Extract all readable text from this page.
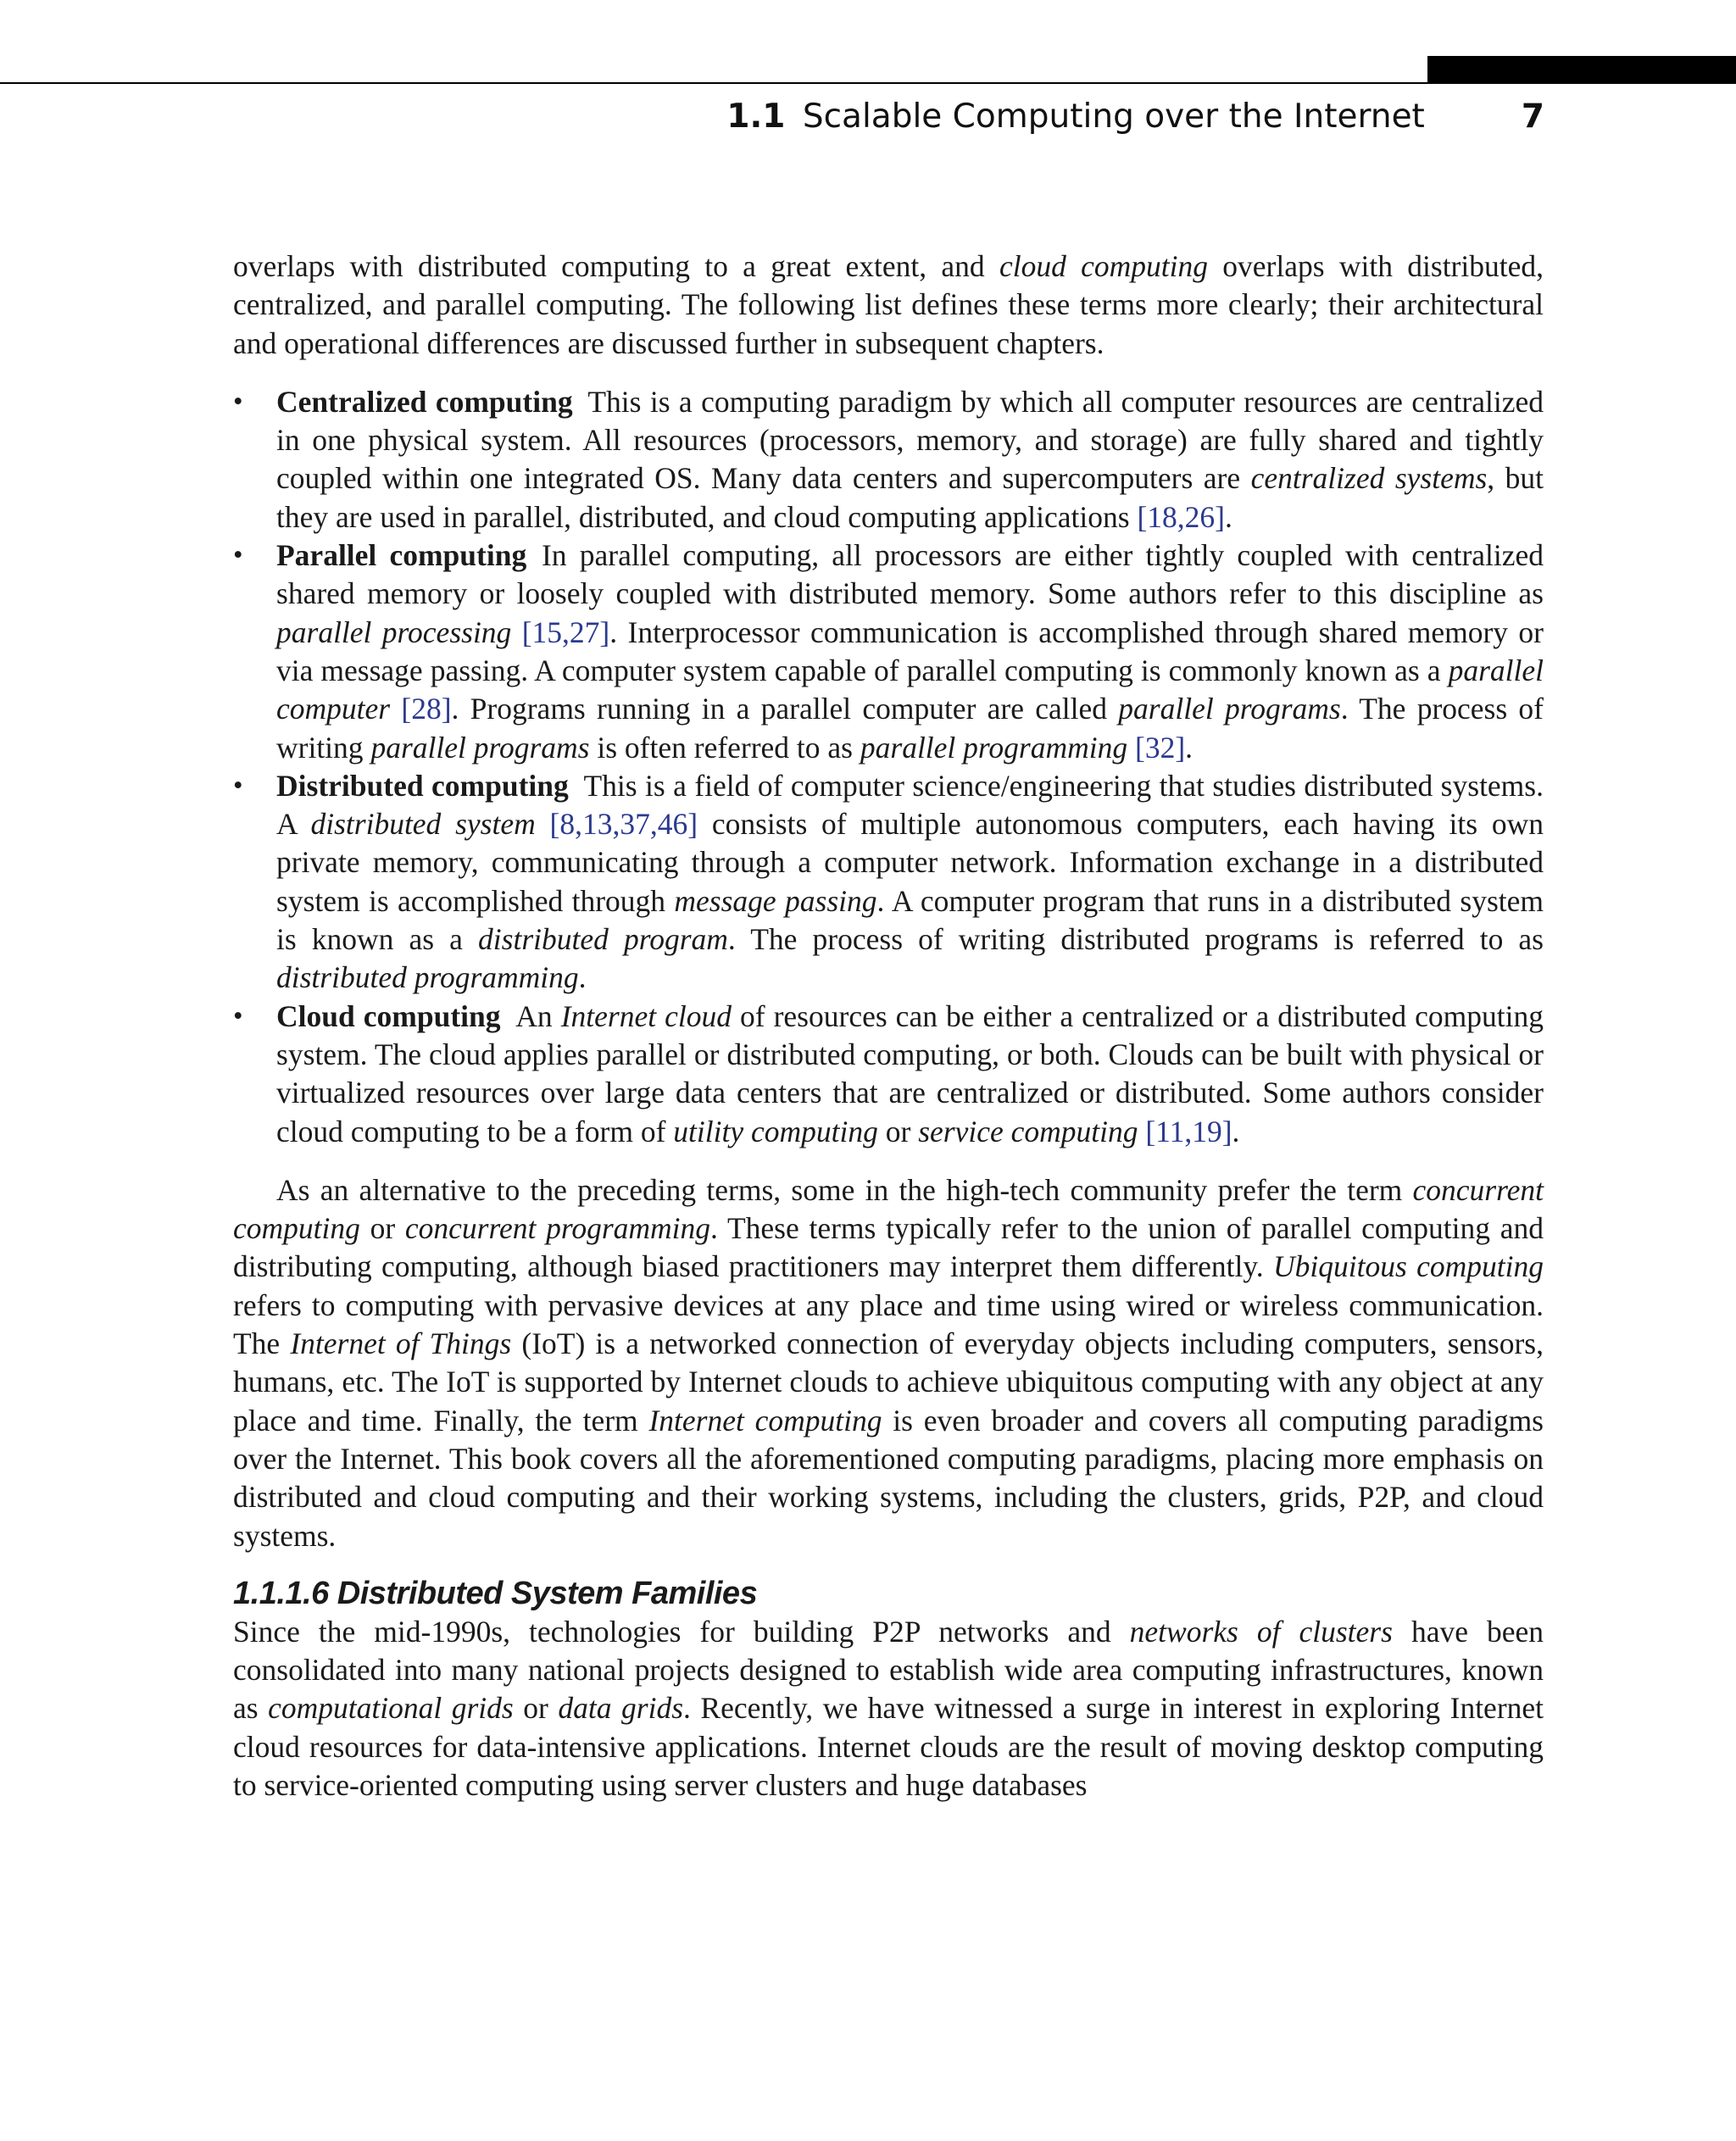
1.1 Scalable Computing over the Internet	7

overlaps with distributed computing to a great extent, and cloud computing overlaps with distributed, centralized, and parallel computing. The following list defines these terms more clearly; their architectural and operational differences are discussed further in subsequent chapters.

• Centralized computing  This is a computing paradigm by which all computer resources are centralized in one physical system. All resources (processors, memory, and storage) are fully shared and tightly coupled within one integrated OS. Many data centers and supercomputers are centralized systems, but they are used in parallel, distributed, and cloud computing applications [18,26].
• Parallel computing  In parallel computing, all processors are either tightly coupled with centralized shared memory or loosely coupled with distributed memory. Some authors refer to this discipline as parallel processing [15,27]. Interprocessor communication is accomplished through shared memory or via message passing. A computer system capable of parallel computing is commonly known as a parallel computer [28]. Programs running in a parallel computer are called parallel programs. The process of writing parallel programs is often referred to as parallel programming [32].
• Distributed computing  This is a field of computer science/engineering that studies distributed systems. A distributed system [8,13,37,46] consists of multiple autonomous computers, each having its own private memory, communicating through a computer network. Information exchange in a distributed system is accomplished through message passing. A computer program that runs in a distributed system is known as a distributed program. The process of writing distributed programs is referred to as distributed programming.
• Cloud computing  An Internet cloud of resources can be either a centralized or a distributed computing system. The cloud applies parallel or distributed computing, or both. Clouds can be built with physical or virtualized resources over large data centers that are centralized or distributed. Some authors consider cloud computing to be a form of utility computing or service computing [11,19].

As an alternative to the preceding terms, some in the high-tech community prefer the term concurrent computing or concurrent programming. These terms typically refer to the union of parallel computing and distributing computing, although biased practitioners may interpret them differently. Ubiquitous computing refers to computing with pervasive devices at any place and time using wired or wireless communication. The Internet of Things (IoT) is a networked connection of everyday objects including computers, sensors, humans, etc. The IoT is supported by Internet clouds to achieve ubiquitous computing with any object at any place and time. Finally, the term Internet computing is even broader and covers all computing paradigms over the Internet. This book covers all the aforementioned computing paradigms, placing more emphasis on distributed and cloud computing and their working systems, including the clusters, grids, P2P, and cloud systems.

1.1.1.6 Distributed System Families

Since the mid-1990s, technologies for building P2P networks and networks of clusters have been consolidated into many national projects designed to establish wide area computing infrastructures, known as computational grids or data grids. Recently, we have witnessed a surge in interest in exploring Internet cloud resources for data-intensive applications. Internet clouds are the result of moving desktop computing to service-oriented computing using server clusters and huge databases
